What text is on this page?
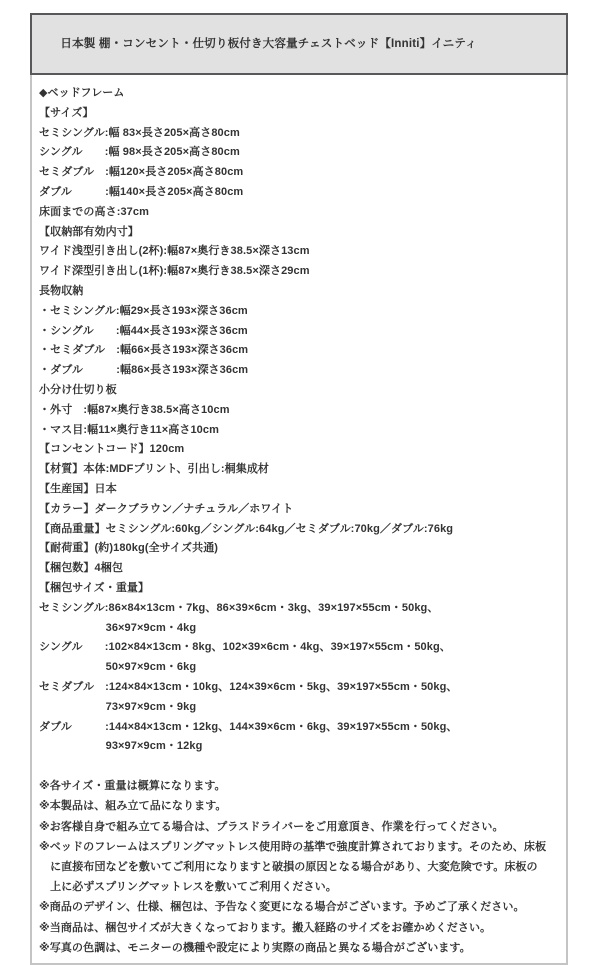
日本製 棚・コンセント・仕切り板付き大容量チェストベッド【Inniti】イニティ

◆ベッドフレーム
【サイズ】
セミシングル:幅 83×長さ205×高さ80cm
シングル　　:幅 98×長さ205×高さ80cm
セミダブル　:幅120×長さ205×高さ80cm
ダブル　　　:幅140×長さ205×高さ80cm
床面までの高さ:37cm
【収納部有効内寸】
ワイド浅型引き出し(2杯):幅87×奥行き38.5×深さ13cm
ワイド深型引き出し(1杯):幅87×奥行き38.5×深さ29cm
長物収納
・セミシングル:幅29×長さ193×深さ36cm
・シングル　　:幅44×長さ193×深さ36cm
・セミダブル　:幅66×長さ193×深さ36cm
・ダブル　　　:幅86×長さ193×深さ36cm
小分け仕切り板
・外寸　:幅87×奥行き38.5×高さ10cm
・マス目:幅11×奥行き11×高さ10cm
【コンセントコード】120cm
【材質】本体:MDFプリント、引出し:桐集成材
【生産国】日本
【カラー】ダークブラウン／ナチュラル／ホワイト
【商品重量】セミシングル:60kg／シングル:64kg／セミダブル:70kg／ダブル:76kg
【耐荷重】(約)180kg(全サイズ共通)
【梱包数】4梱包
【梱包サイズ・重量】
セミシングル:86×84×13cm・7kg、86×39×6cm・3kg、39×197×55cm・50kg、
　　　　　　36×97×9cm・4kg
シングル　　:102×84×13cm・8kg、102×39×6cm・4kg、39×197×55cm・50kg、
　　　　　　50×97×9cm・6kg
セミダブル　:124×84×13cm・10kg、124×39×6cm・5kg、39×197×55cm・50kg、
　　　　　　73×97×9cm・9kg
ダブル　　　:144×84×13cm・12kg、144×39×6cm・6kg、39×197×55cm・50kg、
　　　　　　93×97×9cm・12kg
※各サイズ・重量は概算になります。
※本製品は、組み立て品になります。
※お客様自身で組み立てる場合は、プラスドライバーをご用意頂き、作業を行ってください。
※ベッドのフレームはスプリングマットレス使用時の基準で強度計算されております。そのため、床板
　に直接布団などを敷いてご利用になりますと破損の原因となる場合があり、大変危険です。床板の
　上に必ずスプリングマットレスを敷いてご利用ください。
※商品のデザイン、仕様、梱包は、予告なく変更になる場合がございます。予めご了承ください。
※当商品は、梱包サイズが大きくなっております。搬入経路のサイズをお確かめください。
※写真の色調は、モニターの機種や設定により実際の商品と異なる場合がございます。
